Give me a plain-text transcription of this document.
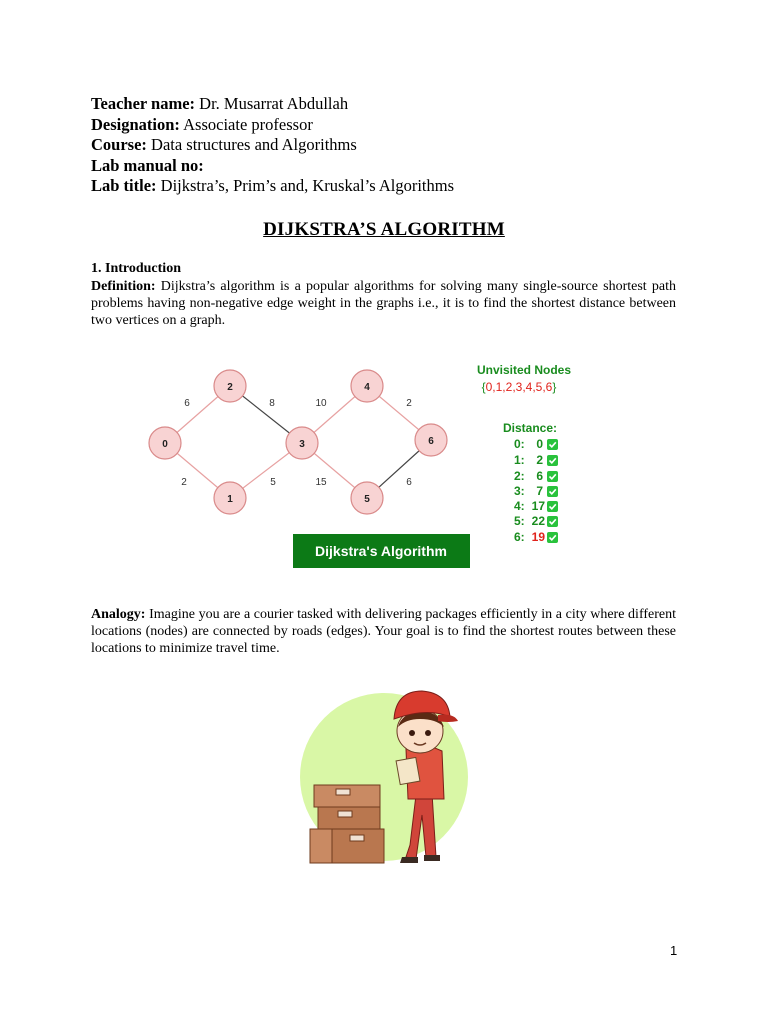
Teacher name: Dr. Musarrat Abdullah
Designation: Associate professor
Course: Data structures and Algorithms
Lab manual no:
Lab title: Dijkstra’s, Prim’s and, Kruskal’s Algorithms
DIJKSTRA’S ALGORITHM
1. Introduction
Definition: Dijkstra’s algorithm is a popular algorithms for solving many single-source shortest path problems having non-negative edge weight in the graphs i.e., it is to find the shortest distance between two vertices on a graph.
6	8	10	2
2	5	15	6
0
1
2
3
4
5
6
Unvisited Nodes
{0,1,2,3,4,5,6}
Distance:
0: 0
1: 2
2: 6
3: 7
4: 17
5: 22
6: 19
Dijkstra's Algorithm
Analogy: Imagine you are a courier tasked with delivering packages efficiently in a city where different locations (nodes) are connected by roads (edges). Your goal is to find the shortest routes between these locations to minimize travel time.
1
